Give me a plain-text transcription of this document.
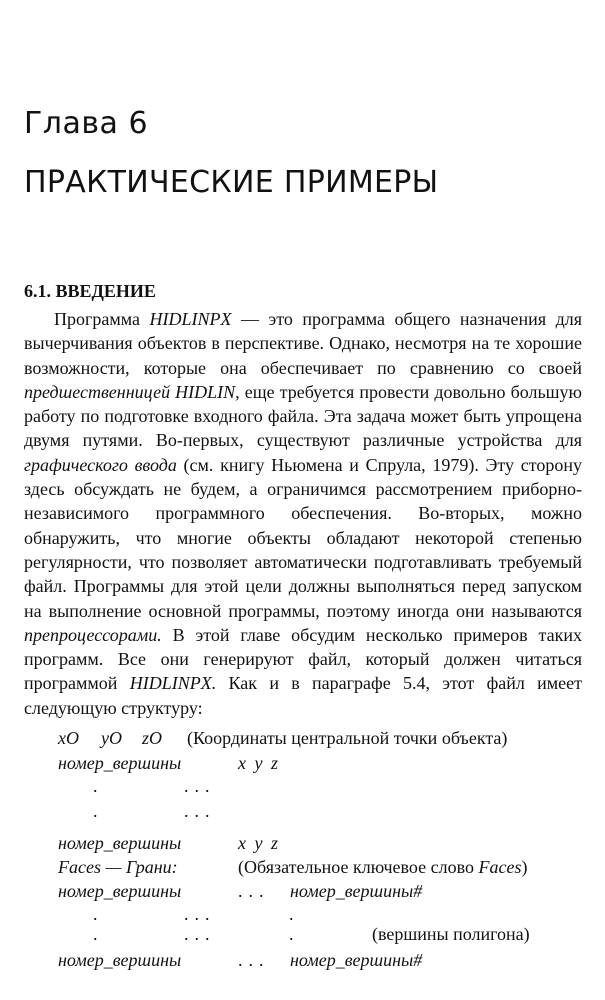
Глава 6
ПРАКТИЧЕСКИЕ ПРИМЕРЫ
6.1. ВВЕДЕНИЕ

Программа HIDLINPX — это программа общего назначения для вычерчивания объектов в перспективе. Однако, несмотря на те хорошие возможности, которые она обеспечивает по сравнению со своей предшественницей HIDLIN, еще требуется провести довольно большую работу по подготовке входного файла. Эта задача может быть упрощена двумя путями. Во-первых, существуют различные устройства для графического ввода (см. книгу Ньюмена и Спрула, 1979). Эту сторону здесь обсуждать не будем, а ограничимся рассмотрением приборно-независимого программного обеспечения. Во-вторых, можно обнаружить, что многие объекты обладают некоторой степенью регулярности, что позволяет автоматически подготавливать требуемый файл. Программы для этой цели должны выполняться перед запуском на выполнение основной программы, поэтому иногда они называются препроцессорами. В этой главе обсудим несколько примеров таких программ. Все они генерируют файл, который должен читаться программой HIDLINPX. Как и в параграфе 5.4, этот файл имеет следующую структуру:

xO yO zO (Координаты центральной точки объекта)
номер_вершины	x y z
.	...
.	...
номер_вершины	x y z
Faces — Грани:	(Обязательное ключевое слово Faces)
номер_вершины	... номер_вершины#
.	...	.
.	...	.	(вершины полигона)
номер_вершины	... номер_вершины#
